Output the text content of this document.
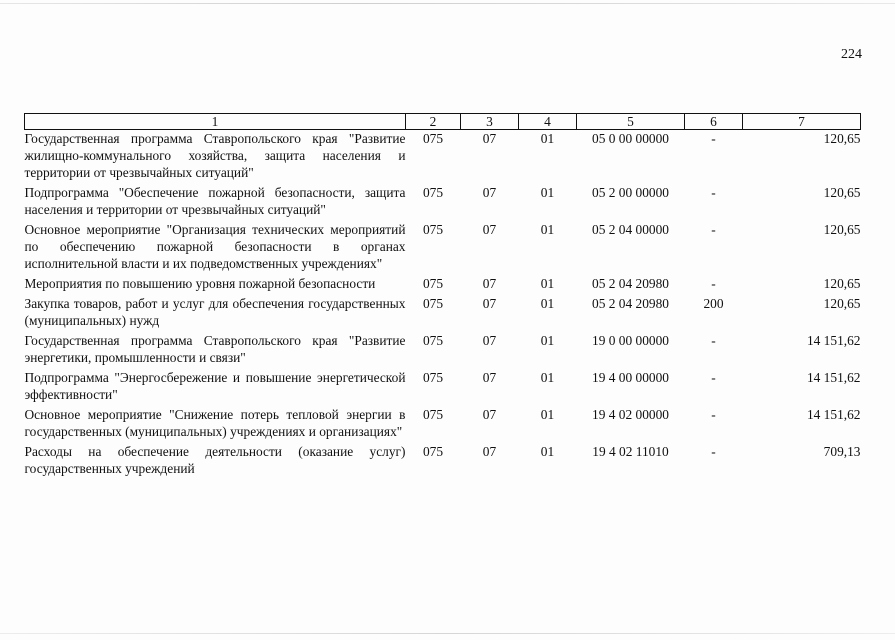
224
1	2	3	4	5	6	7
Государственная программа Ставропольского края "Развитие жилищно-коммунального хозяйства, защита населения и территории от чрезвычайных ситуаций"	075	07	01	05 0 00 00000	-	120,65

Подпрограмма "Обеспечение пожарной безопасности, защита населения и территории от чрезвычайных ситуаций"	075	07	01	05 2 00 00000	-	120,65

Основное мероприятие "Организация технических мероприятий по обеспечению пожарной безопасности в органах исполнительной власти и их подведомственных учреждениях"	075	07	01	05 2 04 00000	-	120,65

Мероприятия по повышению уровня пожарной безопасности	075	07	01	05 2 04 20980	-	120,65

Закупка товаров, работ и услуг для обеспечения государственных (муниципальных) нужд	075	07	01	05 2 04 20980	200	120,65

Государственная программа Ставропольского края "Развитие энергетики, промышленности и связи"	075	07	01	19 0 00 00000	-	14 151,62

Подпрограмма "Энергосбережение и повышение энергетической эффективности"	075	07	01	19 4 00 00000	-	14 151,62

Основное мероприятие "Снижение потерь тепловой энергии в государственных (муниципальных) учреждениях и организациях"	075	07	01	19 4 02 00000	-	14 151,62

Расходы на обеспечение деятельности (оказание услуг) государственных учреждений	075	07	01	19 4 02 11010	-	709,13
